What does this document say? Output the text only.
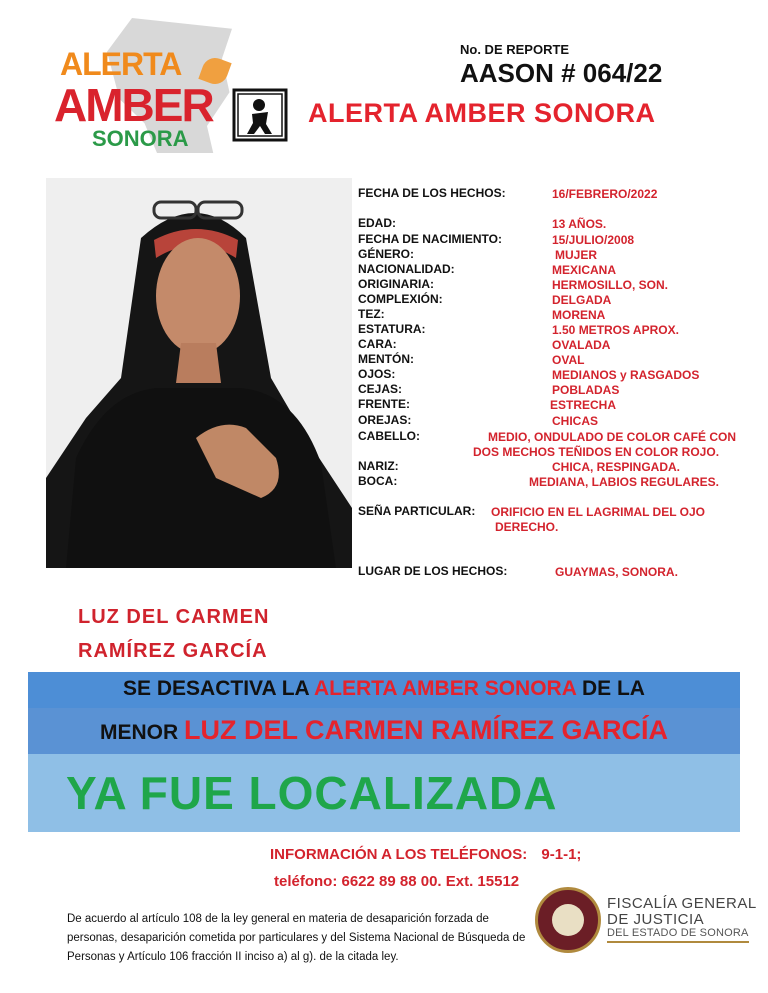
ALERTA
AMBER
SONORA
No. DE REPORTE
AASON # 064/22
ALERTA AMBER SONORA
FECHA DE LOS HECHOS:	16/FEBRERO/2022
EDAD:	13 AÑOS.
FECHA DE NACIMIENTO:	15/JULIO/2008
GÉNERO:	MUJER
NACIONALIDAD:	MEXICANA
ORIGINARIA:	HERMOSILLO, SON.
COMPLEXIÓN:	DELGADA
TEZ:	MORENA
ESTATURA:	1.50 METROS APROX.
CARA:	OVALADA
MENTÓN:	OVAL
OJOS:	MEDIANOS y RASGADOS
CEJAS:	POBLADAS
FRENTE:	ESTRECHA
OREJAS:	CHICAS
CABELLO:	MEDIO, ONDULADO DE COLOR CAFÉ CON
DOS MECHOS TEÑIDOS EN COLOR ROJO.
NARIZ:	CHICA, RESPINGADA.
BOCA:	MEDIANA, LABIOS REGULARES.
SEÑA PARTICULAR: ORIFICIO EN EL LAGRIMAL DEL OJO
DERECHO.
LUGAR DE LOS HECHOS:	GUAYMAS, SONORA.
LUZ DEL CARMEN
RAMÍREZ GARCÍA
SE DESACTIVA LA ALERTA AMBER SONORA DE LA
MENOR LUZ DEL CARMEN RAMÍREZ GARCÍA
YA FUE LOCALIZADA
INFORMACIÓN A LOS TELÉFONOS: 9-1-1;
teléfono: 6622 89 88 00. Ext. 15512
De acuerdo al artículo 108 de la ley general en materia de desaparición forzada de personas, desaparición cometida por particulares y del Sistema Nacional de Búsqueda de Personas y Artículo 106 fracción II inciso a) al g). de la citada ley.
FISCALÍA GENERAL
DE JUSTICIA
DEL ESTADO DE SONORA
